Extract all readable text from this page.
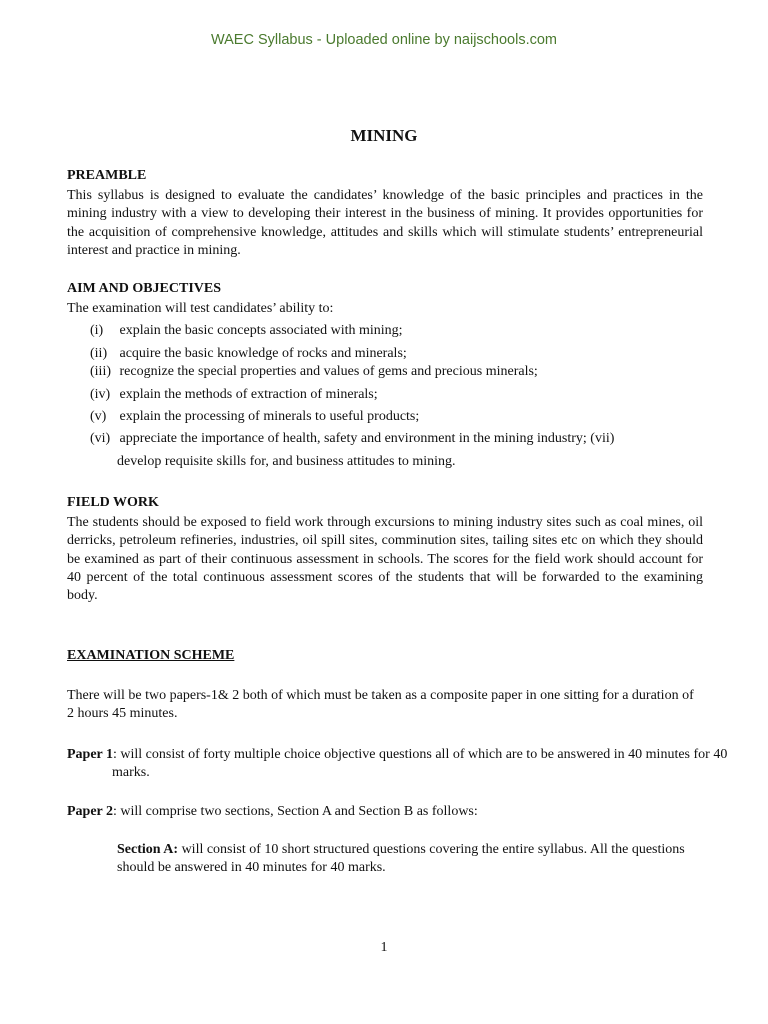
WAEC Syllabus - Uploaded online by naijschools.com
MINING
PREAMBLE
This syllabus is designed to evaluate the candidates’ knowledge of the basic principles and practices in the mining industry with a view to developing their interest in the business of mining. It provides opportunities for the acquisition of comprehensive knowledge, attitudes and skills which will stimulate students’ entrepreneurial interest and practice in mining.
AIM AND OBJECTIVES
The examination will test candidates’ ability to:
(i) explain the basic concepts associated with mining;
(ii) acquire the basic knowledge of rocks and minerals;
(iii) recognize the special properties and values of gems and precious minerals;
(iv) explain the methods of extraction of minerals;
(v) explain the processing of minerals to useful products;
(vi) appreciate the importance of health, safety and environment in the mining industry; (vii)
develop requisite skills for, and business attitudes to mining.
FIELD WORK
The students should be exposed to field work through excursions to mining industry sites such as coal mines, oil derricks, petroleum refineries, industries, oil spill sites, comminution sites, tailing sites etc on which they should be examined as part of their continuous assessment in schools. The scores for the field work should account for 40 percent of the total continuous assessment scores of the students that will be forwarded to the examining body.
EXAMINATION SCHEME
There will be two papers-1& 2 both of which must be taken as a composite paper in one sitting for a duration of 2 hours 45 minutes.
Paper 1: will consist of forty multiple choice objective questions all of which are to be answered in 40 minutes for 40 marks.
Paper 2: will comprise two sections, Section A and Section B as follows:
Section A: will consist of 10 short structured questions covering the entire syllabus. All the questions should be answered in 40 minutes for 40 marks.
1
